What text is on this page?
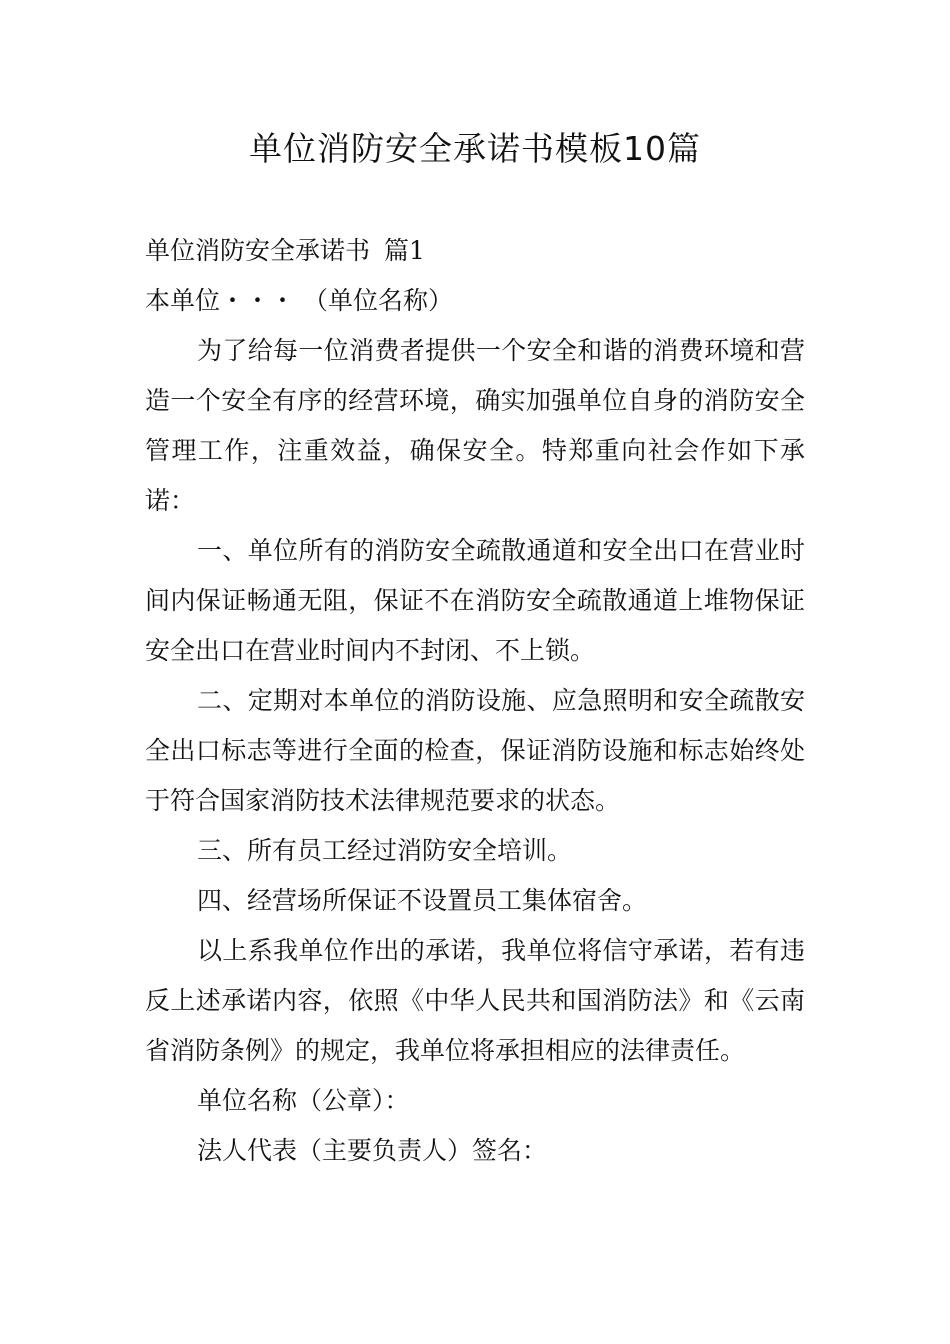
单位消防安全承诺书模板10篇
单位消防安全承诺书 篇1
本单位・・・ （单位名称）

为了给每一位消费者提供一个安全和谐的消费环境和营造一个安全有序的经营环境，确实加强单位自身的消防安全管理工作，注重效益，确保安全。特郑重向社会作如下承诺：

一、单位所有的消防安全疏散通道和安全出口在营业时间内保证畅通无阻，保证不在消防安全疏散通道上堆物保证安全出口在营业时间内不封闭、不上锁。

二、定期对本单位的消防设施、应急照明和安全疏散安全出口标志等进行全面的检查，保证消防设施和标志始终处于符合国家消防技术法律规范要求的状态。

三、所有员工经过消防安全培训。

四、经营场所保证不设置员工集体宿舍。

以上系我单位作出的承诺，我单位将信守承诺，若有违反上述承诺内容，依照《中华人民共和国消防法》和《云南省消防条例》的规定，我单位将承担相应的法律责任。

单位名称（公章）：
法人代表（主要负责人）签名：
